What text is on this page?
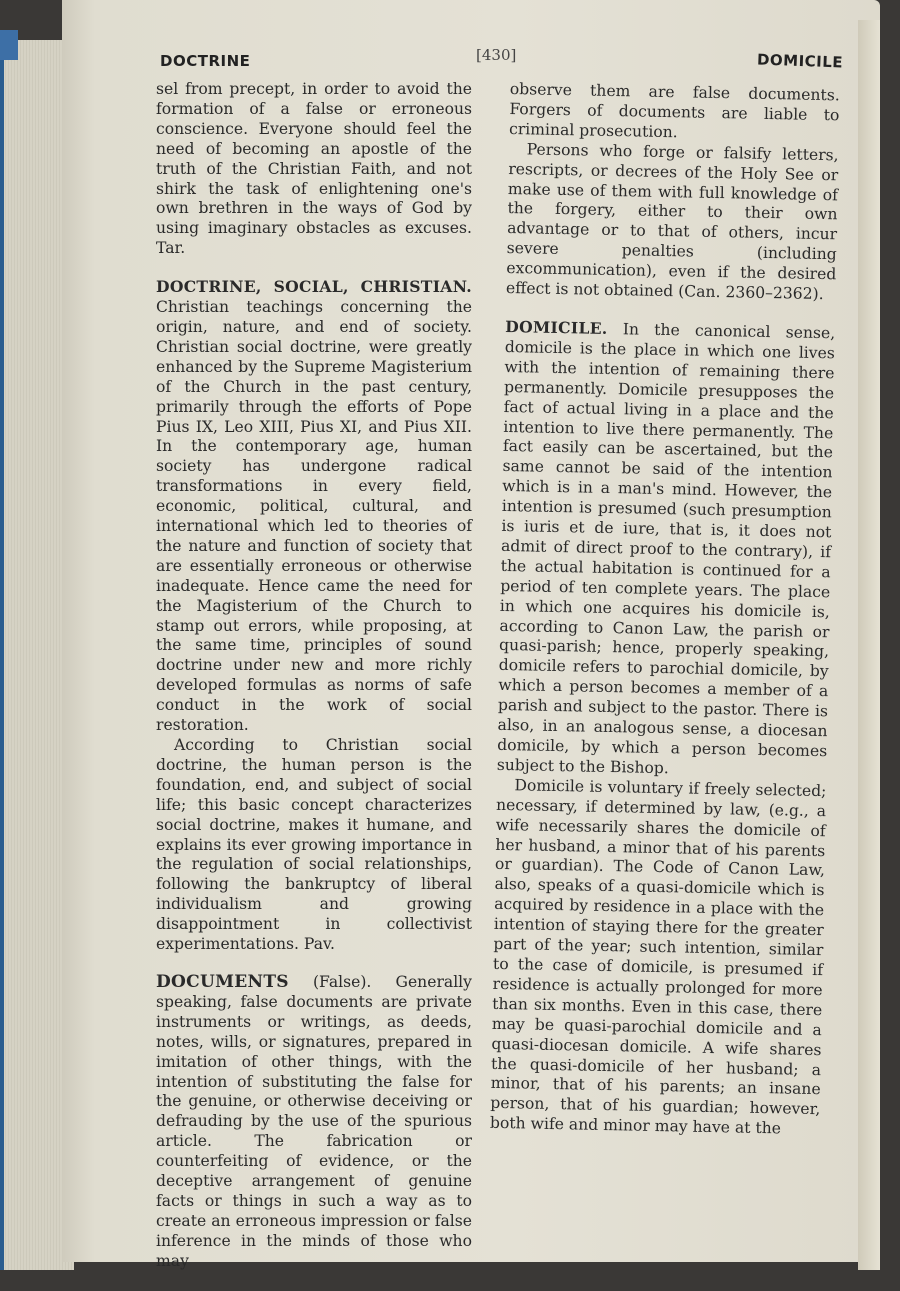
DOCTRINE	[430]	DOMICILE

sel from precept, in order to avoid the formation of a false or erroneous conscience. Everyone should feel the need of becoming an apostle of the truth of the Christian Faith, and not shirk the task of enlightening one's own brethren in the ways of God by using imaginary obstacles as excuses. Tar.

DOCTRINE, SOCIAL, CHRISTIAN. Christian teachings concerning the origin, nature, and end of society. Christian social doctrine, were greatly enhanced by the Supreme Magisterium of the Church in the past century, primarily through the efforts of Pope Pius IX, Leo XIII, Pius XI, and Pius XII. In the contemporary age, human society has undergone radical transformations in every field, economic, political, cultural, and international which led to theories of the nature and function of society that are essentially erroneous or otherwise inadequate. Hence came the need for the Magisterium of the Church to stamp out errors, while proposing, at the same time, principles of sound doctrine under new and more richly developed formulas as norms of safe conduct in the work of social restoration.

According to Christian social doctrine, the human person is the foundation, end, and subject of social life; this basic concept characterizes social doctrine, makes it humane, and explains its ever growing importance in the regulation of social relationships, following the bankruptcy of liberal individualism and growing disappointment in collectivist experimentations. Pav.

DOCUMENTS (False). Generally speaking, false documents are private instruments or writings, as deeds, notes, wills, or signatures, prepared in imitation of other things, with the intention of substituting the false for the genuine, or otherwise deceiving or defrauding by the use of the spurious article. The fabrication or counterfeiting of evidence, or the deceptive arrangement of genuine facts or things in such a way as to create an erroneous impression or false inference in the minds of those who may

observe them are false documents. Forgers of documents are liable to criminal prosecution.

Persons who forge or falsify letters, rescripts, or decrees of the Holy See or make use of them with full knowledge of the forgery, either to their own advantage or to that of others, incur severe penalties (including excommunication), even if the desired effect is not obtained (Can. 2360–2362).

DOMICILE. In the canonical sense, domicile is the place in which one lives with the intention of remaining there permanently. Domicile presupposes the fact of actual living in a place and the intention to live there permanently. The fact easily can be ascertained, but the same cannot be said of the intention which is in a man's mind. However, the intention is presumed (such presumption is iuris et de iure, that is, it does not admit of direct proof to the contrary), if the actual habitation is continued for a period of ten complete years. The place in which one acquires his domicile is, according to Canon Law, the parish or quasi-parish; hence, properly speaking, domicile refers to parochial domicile, by which a person becomes a member of a parish and subject to the pastor. There is also, in an analogous sense, a diocesan domicile, by which a person becomes subject to the Bishop.

Domicile is voluntary if freely selected; necessary, if determined by law, (e.g., a wife necessarily shares the domicile of her husband, a minor that of his parents or guardian). The Code of Canon Law, also, speaks of a quasi-domicile which is acquired by residence in a place with the intention of staying there for the greater part of the year; such intention, similar to the case of domicile, is presumed if residence is actually prolonged for more than six months. Even in this case, there may be quasi-parochial domicile and a quasi-diocesan domicile. A wife shares the quasi-domicile of her husband; a minor, that of his parents; an insane person, that of his guardian; however, both wife and minor may have at the
